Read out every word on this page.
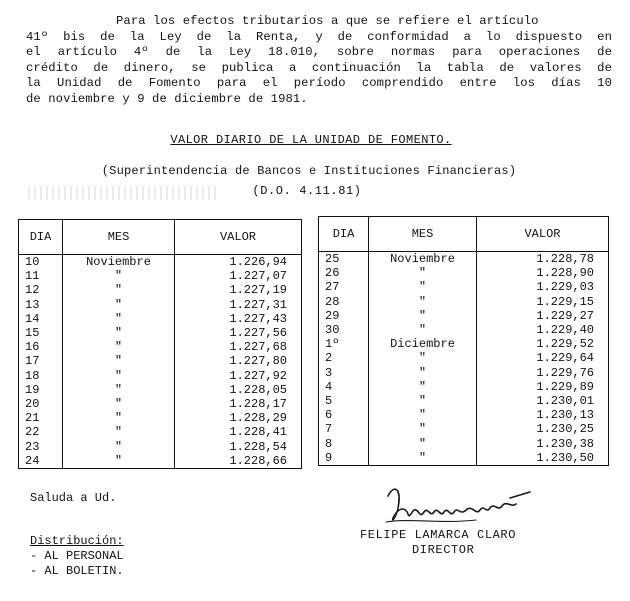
Para los efectos tributarios a que se refiere el artículo
41º bis de la Ley de la Renta, y de conformidad a lo dispuesto en
el artículo 4º de la Ley 18.010, sobre normas para operaciones de
crédito de dinero, se publica a continuación la tabla de valores de
la Unidad de Fomento para el período comprendido entre los días 10
de noviembre y 9 de diciembre de 1981.
VALOR DIARIO DE LA UNIDAD DE FOMENTO.
(Superintendencia de Bancos e Instituciones Financieras)
(D.O. 4.11.81)
DIA	MES	VALOR
10	Noviembre	1.226,94
11	"	1.227,07
12	"	1.227,19
13	"	1.227,31
14	"	1.227,43
15	"	1.227,56
16	"	1.227,68
17	"	1.227,80
18	"	1.227,92
19	"	1.228,05
20	"	1.228,17
21	"	1.228,29
22	"	1.228,41
23	"	1.228,54
24	"	1.228,66
DIA	MES	VALOR
25	Noviembre	1.228,78
26	"	1.228,90
27	"	1.229,03
28	"	1.229,15
29	"	1.229,27
30	"	1.229,40
1º	Diciembre	1.229,52
2	"	1.229,64
3	"	1.229,76
4	"	1.229,89
5	"	1.230,01
6	"	1.230,13
7	"	1.230,25
8	"	1.230,38
9	"	1.230,50
Saluda a Ud.
Distribución:
- AL PERSONAL
- AL BOLETIN.
FELIPE LAMARCA CLARO
DIRECTOR
